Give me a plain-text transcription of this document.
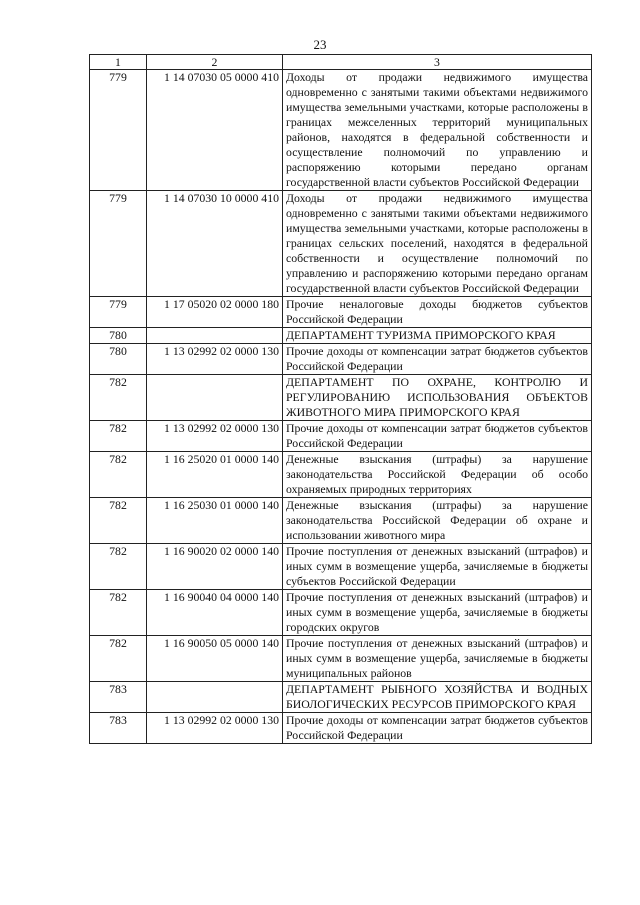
23
1	2	3
779	1 14 07030 05 0000 410	Доходы от продажи недвижимого имущества одновременно с занятыми такими объектами недвижимого имущества земельными участками, которые расположены в границах межселенных территорий муниципальных районов, находятся в федеральной собственности и осуществление полномочий по управлению и распоряжению которыми передано органам государственной власти субъектов Российской Федерации
779	1 14 07030 10 0000 410	Доходы от продажи недвижимого имущества одновременно с занятыми такими объектами недвижимого имущества земельными участками, которые расположены в границах сельских поселений, находятся в федеральной собственности и осуществление полномочий по управлению и распоряжению которыми передано органам государственной власти субъектов Российской Федерации
779	1 17 05020 02 0000 180	Прочие неналоговые доходы бюджетов субъектов Российской Федерации
780		ДЕПАРТАМЕНТ ТУРИЗМА ПРИМОРСКОГО КРАЯ
780	1 13 02992 02 0000 130	Прочие доходы от компенсации затрат бюджетов субъектов Российской Федерации
782		ДЕПАРТАМЕНТ ПО ОХРАНЕ, КОНТРОЛЮ И РЕГУЛИРОВАНИЮ ИСПОЛЬЗОВАНИЯ ОБЪЕКТОВ ЖИВОТНОГО МИРА ПРИМОРСКОГО КРАЯ
782	1 13 02992 02 0000 130	Прочие доходы от компенсации затрат бюджетов субъектов Российской Федерации
782	1 16 25020 01 0000 140	Денежные взыскания (штрафы) за нарушение законодательства Российской Федерации об особо охраняемых природных территориях
782	1 16 25030 01 0000 140	Денежные взыскания (штрафы) за нарушение законодательства Российской Федерации об охране и использовании животного мира
782	1 16 90020 02 0000 140	Прочие поступления от денежных взысканий (штрафов) и иных сумм в возмещение ущерба, зачисляемые в бюджеты субъектов Российской Федерации
782	1 16 90040 04 0000 140	Прочие поступления от денежных взысканий (штрафов) и иных сумм в возмещение ущерба, зачисляемые в бюджеты городских округов
782	1 16 90050 05 0000 140	Прочие поступления от денежных взысканий (штрафов) и иных сумм в возмещение ущерба, зачисляемые в бюджеты муниципальных районов
783		ДЕПАРТАМЕНТ РЫБНОГО ХОЗЯЙСТВА И ВОДНЫХ БИОЛОГИЧЕСКИХ РЕСУРСОВ ПРИМОРСКОГО КРАЯ
783	1 13 02992 02 0000 130	Прочие доходы от компенсации затрат бюджетов субъектов Российской Федерации
